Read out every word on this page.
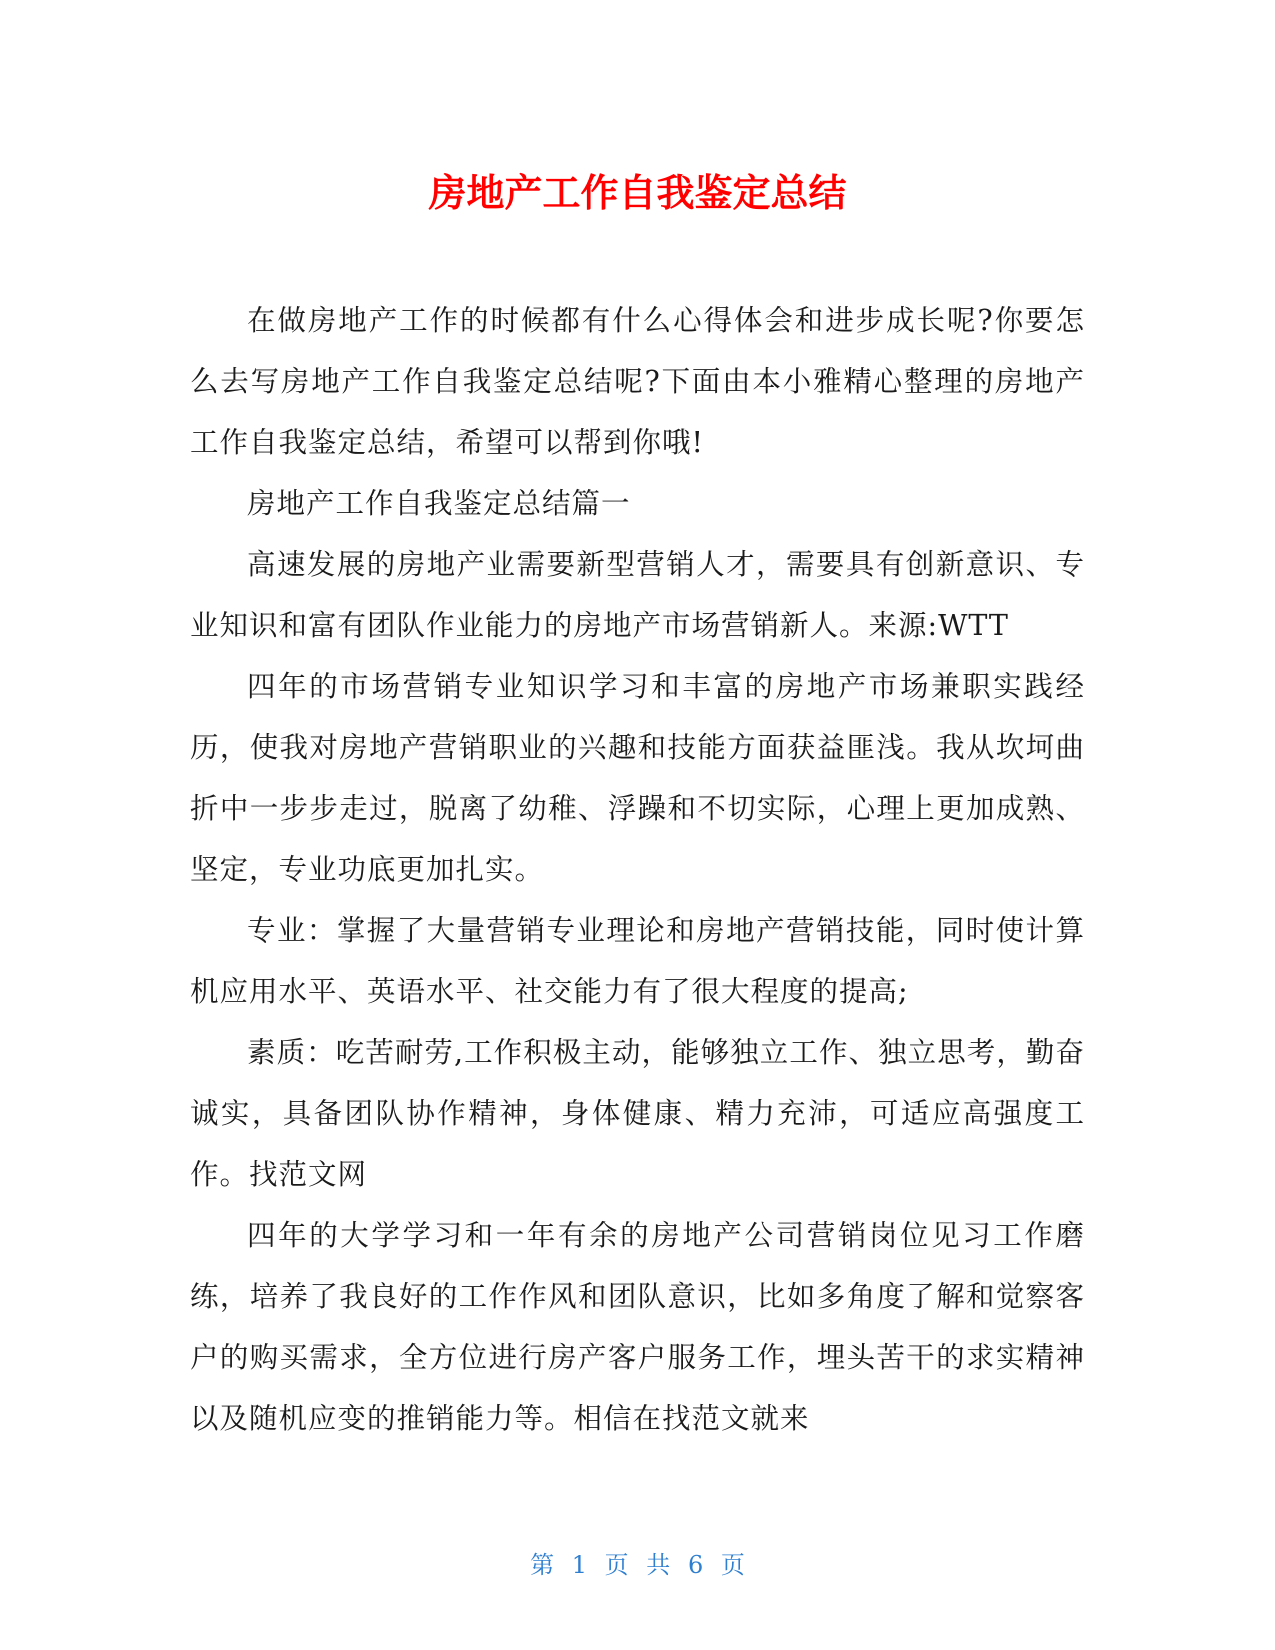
房地产工作自我鉴定总结

在做房地产工作的时候都有什么心得体会和进步成长呢?你要怎么去写房地产工作自我鉴定总结呢?下面由本小雅精心整理的房地产工作自我鉴定总结，希望可以帮到你哦!

房地产工作自我鉴定总结篇一

高速发展的房地产业需要新型营销人才，需要具有创新意识、专业知识和富有团队作业能力的房地产市场营销新人。来源:WTT

四年的市场营销专业知识学习和丰富的房地产市场兼职实践经历，使我对房地产营销职业的兴趣和技能方面获益匪浅。我从坎坷曲折中一步步走过，脱离了幼稚、浮躁和不切实际，心理上更加成熟、坚定，专业功底更加扎实。

专业：掌握了大量营销专业理论和房地产营销技能，同时使计算机应用水平、英语水平、社交能力有了很大程度的提高;

素质：吃苦耐劳,工作积极主动，能够独立工作、独立思考，勤奋诚实，具备团队协作精神，身体健康、精力充沛，可适应高强度工作。找范文网

四年的大学学习和一年有余的房地产公司营销岗位见习工作磨练，培养了我良好的工作作风和团队意识，比如多角度了解和觉察客户的购买需求，全方位进行房产客户服务工作，埋头苦干的求实精神以及随机应变的推销能力等。相信在找范文就来

第 1 页 共 6 页
